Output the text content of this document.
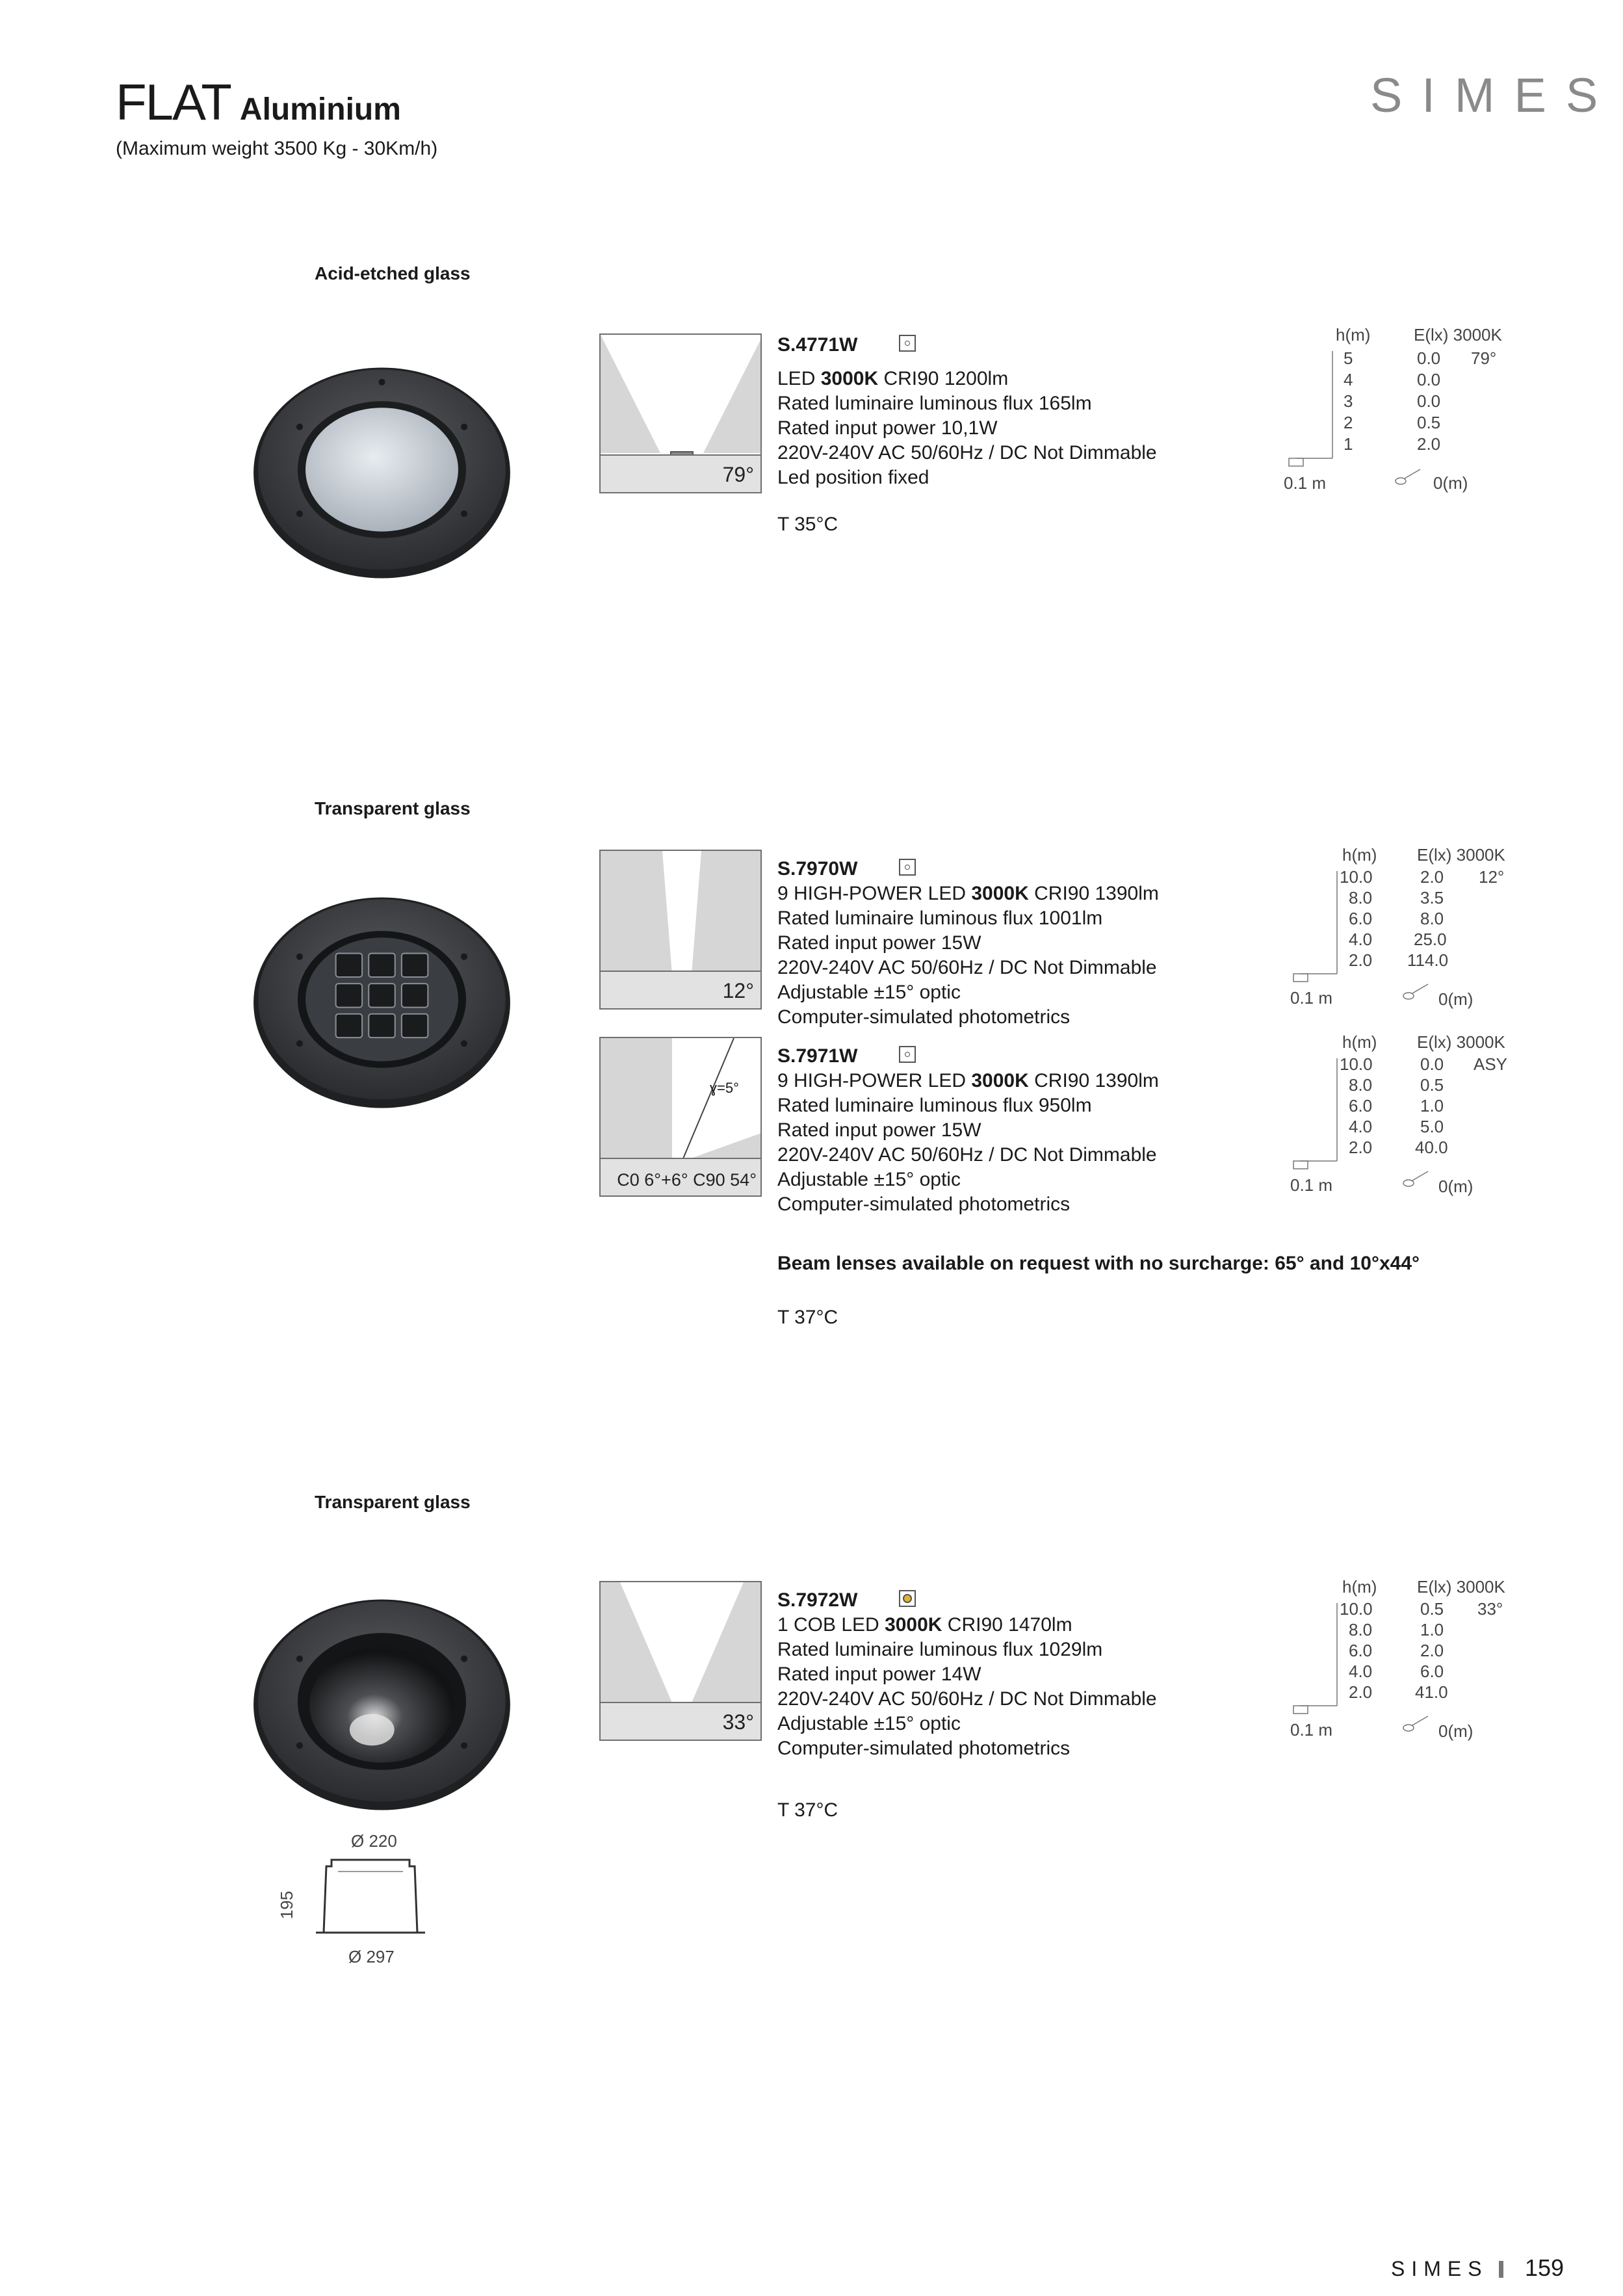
FLAT Aluminium
(Maximum weight 3500 Kg - 30Km/h)
SIMES
Acid-etched glass
Transparent glass
Transparent glass
79°
12°
ɣ=5°
C0 6°+6° C90 54°
33°
S.4771W
LED 3000K CRI90 1200lm
Rated luminaire luminous flux 165lm
Rated input power 10,1W
220V-240V AC 50/60Hz / DC Not Dimmable
Led position fixed
T 35°C
S.7970W
9 HIGH-POWER LED 3000K CRI90 1390lm
Rated luminaire luminous flux 1001lm
Rated input power 15W
220V-240V AC 50/60Hz / DC Not Dimmable
Adjustable ±15° optic
Computer-simulated photometrics
S.7971W
9 HIGH-POWER LED 3000K CRI90 1390lm
Rated luminaire luminous flux 950lm
Rated input power 15W
220V-240V AC 50/60Hz / DC Not Dimmable
Adjustable ±15° optic
Computer-simulated photometrics
Beam lenses available on request with no surcharge: 65° and 10°x44°
T 37°C
S.7972W
1 COB LED 3000K CRI90 1470lm
Rated luminaire luminous flux 1029lm
Rated input power 14W
220V-240V AC 50/60Hz / DC Not Dimmable
Adjustable ±15° optic
Computer-simulated photometrics
T 37°C
h(m)	E(lx) 3000K
79°
5	0.0
4	0.0
3	0.0
2	0.5
1	2.0
0.1 m	0(m)
h(m) E(lx) 3000K
12°
10.0	2.0
8.0	3.5
6.0	8.0
4.0 25.0
2.0 114.0
0.1 m	0(m)
h(m) E(lx) 3000K
ASY
10.0	0.0
8.0	0.5
6.0	1.0
4.0	5.0
2.0	40.0
0.1 m	0(m)
h(m) E(lx) 3000K
33°
10.0	0.5
8.0	1.0
6.0	2.0
4.0	6.0
2.0	41.0
0.1 m	0(m)
Ø 220
195
Ø 297
SIMES 159
